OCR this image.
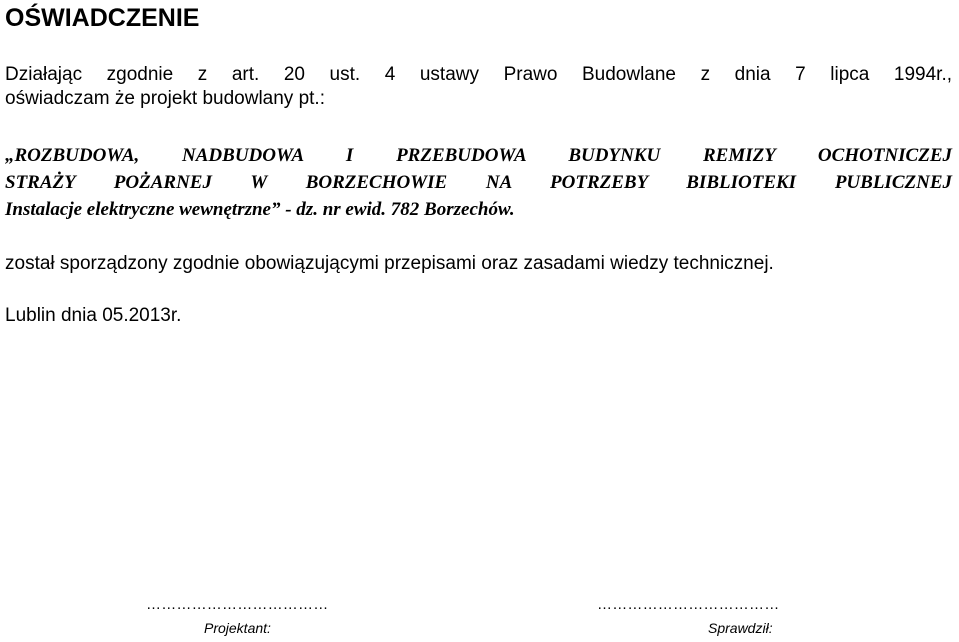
OŚWIADCZENIE
Działając zgodnie z art. 20 ust. 4 ustawy Prawo Budowlane z dnia 7 lipca 1994r.,
oświadczam że projekt budowlany pt.:
„ROZBUDOWA, NADBUDOWA I PRZEBUDOWA BUDYNKU REMIZY OCHOTNICZEJ
STRAŻY POŻARNEJ W BORZECHOWIE NA POTRZEBY BIBLIOTEKI PUBLICZNEJ
Instalacje elektryczne wewnętrzne” - dz. nr ewid. 782 Borzechów.
został sporządzony zgodnie obowiązującymi przepisami oraz zasadami wiedzy technicznej.
Lublin dnia 05.2013r.
………………………………	………………………………
Projektant:	Sprawdził:
